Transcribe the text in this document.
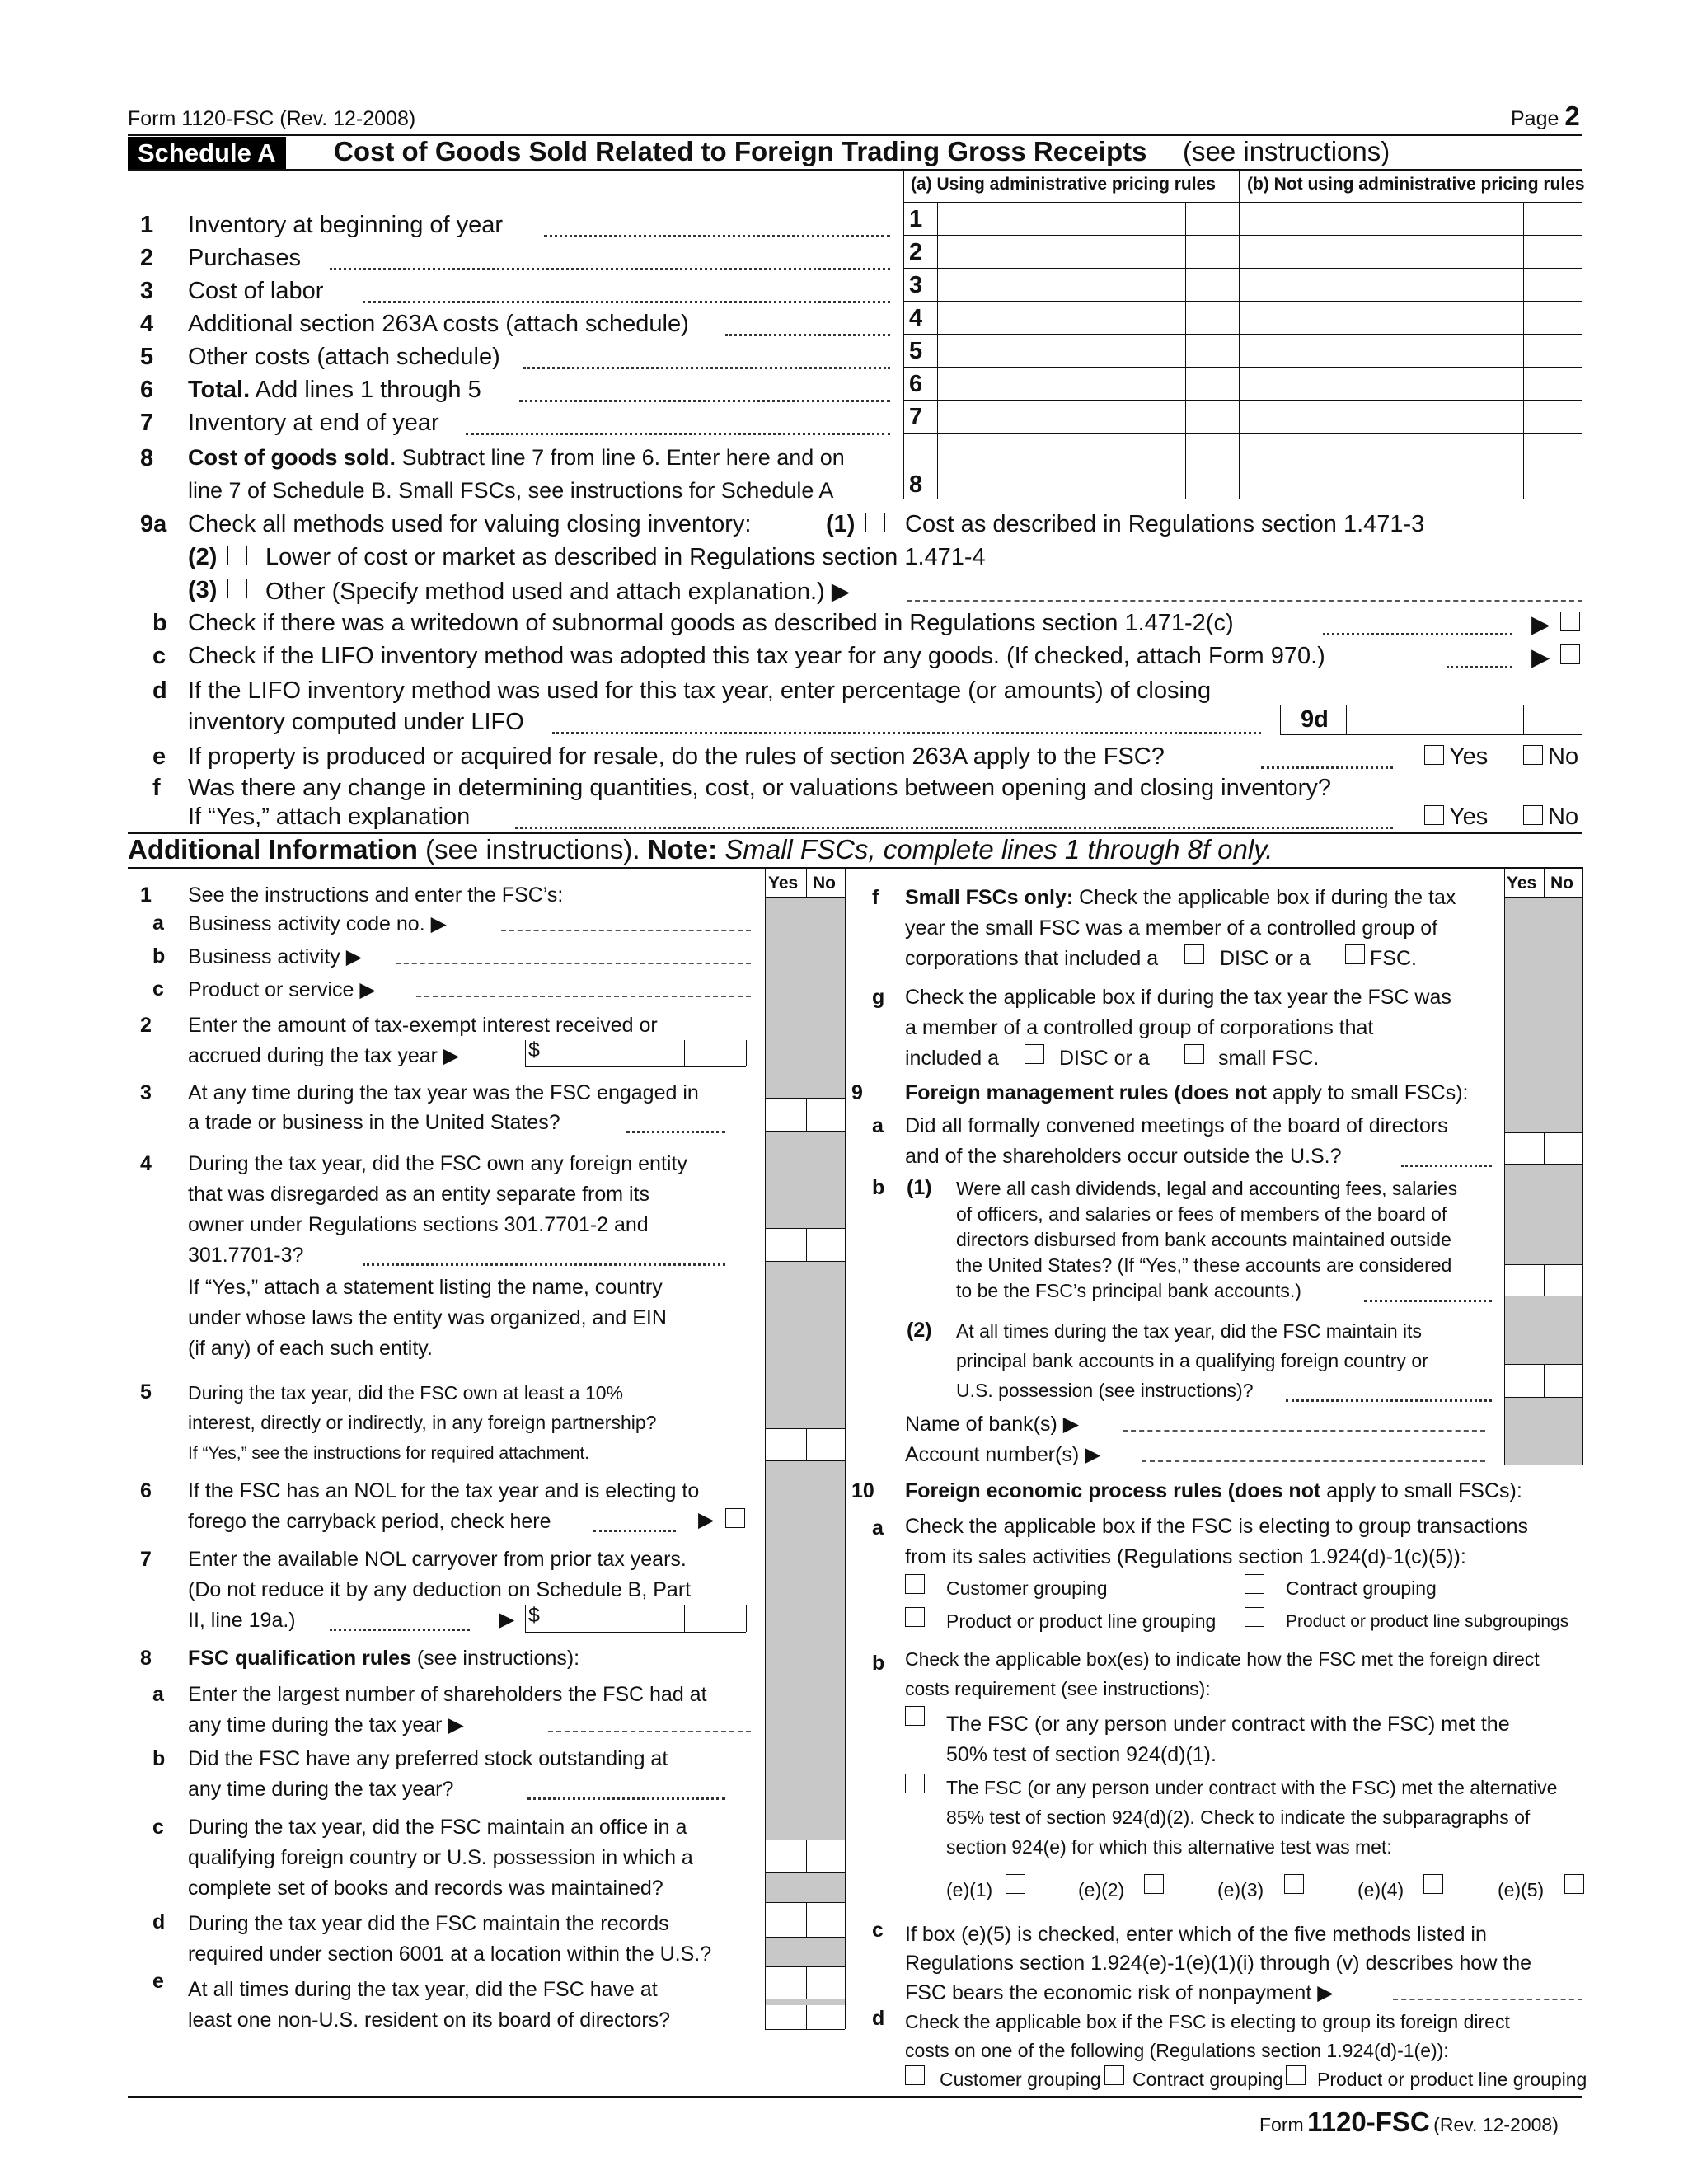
Form 1120-FSC (Rev. 12-2008)	Page 2
Schedule A	Cost of Goods Sold Related to Foreign Trading Gross Receipts (see instructions)
(a) Using administrative pricing rules (b) Not using administrative pricing rules
1
2
3
4
5
6
7
8
1 Inventory at beginning of year
2 Purchases
3 Cost of labor
4 Additional section 263A costs (attach schedule)
5 Other costs (attach schedule)
6 Total. Add lines 1 through 5
7 Inventory at end of year
8 Cost of goods sold. Subtract line 7 from line 6. Enter here and on
line 7 of Schedule B. Small FSCs, see instructions for Schedule A
9a Check all methods used for valuing closing inventory:	(1) Cost as described in Regulations section 1.471-3
(2) Lower of cost or market as described in Regulations section 1.471-4
(3) Other (Specify method used and attach explanation.) ▶
b Check if there was a writedown of subnormal goods as described in Regulations section 1.471-2(c)	▶
c Check if the LIFO inventory method was adopted this tax year for any goods. (If checked, attach Form 970.)	▶
d If the LIFO inventory method was used for this tax year, enter percentage (or amounts) of closing
inventory computed under LIFO	9d
e If property is produced or acquired for resale, do the rules of section 263A apply to the FSC?	Yes	No
f Was there any change in determining quantities, cost, or valuations between opening and closing inventory?
If “Yes,” attach explanation	Yes	No
Additional Information (see instructions). Note: Small FSCs, complete lines 1 through 8f only.
Yes No	Yes No
1 See the instructions and enter the FSC’s:
a Business activity code no. ▶
b Business activity ▶
c Product or service ▶
2 Enter the amount of tax-exempt interest received or
accrued during the tax year ▶	$
3 At any time during the tax year was the FSC engaged in
a trade or business in the United States?
4 During the tax year, did the FSC own any foreign entity
that was disregarded as an entity separate from its
owner under Regulations sections 301.7701-2 and
301.7701-3?
If “Yes,” attach a statement listing the name, country
under whose laws the entity was organized, and EIN
(if any) of each such entity.
5 During the tax year, did the FSC own at least a 10%
interest, directly or indirectly, in any foreign partnership?
If “Yes,” see the instructions for required attachment.
6 If the FSC has an NOL for the tax year and is electing to
forego the carryback period, check here	▶
7 Enter the available NOL carryover from prior tax years.
(Do not reduce it by any deduction on Schedule B, Part
II, line 19a.)	▶ $
8 FSC qualification rules (see instructions):
a Enter the largest number of shareholders the FSC had at
any time during the tax year ▶
b Did the FSC have any preferred stock outstanding at
any time during the tax year?
c During the tax year, did the FSC maintain an office in a
qualifying foreign country or U.S. possession in which a
complete set of books and records was maintained?
d During the tax year did the FSC maintain the records
required under section 6001 at a location within the U.S.?
e At all times during the tax year, did the FSC have at
least one non-U.S. resident on its board of directors?
f Small FSCs only: Check the applicable box if during the tax
year the small FSC was a member of a controlled group of
corporations that included a	DISC or a	FSC.
g Check the applicable box if during the tax year the FSC was
a member of a controlled group of corporations that
included a	DISC or a	small FSC.
9 Foreign management rules (does not apply to small FSCs):
a Did all formally convened meetings of the board of directors
and of the shareholders occur outside the U.S.?
b (1) Were all cash dividends, legal and accounting fees, salaries
of officers, and salaries or fees of members of the board of
directors disbursed from bank accounts maintained outside
the United States? (If “Yes,” these accounts are considered
to be the FSC’s principal bank accounts.)
(2) At all times during the tax year, did the FSC maintain its
principal bank accounts in a qualifying foreign country or
U.S. possession (see instructions)?
Name of bank(s) ▶
Account number(s) ▶
10 Foreign economic process rules (does not apply to small FSCs):
a Check the applicable box if the FSC is electing to group transactions
from its sales activities (Regulations section 1.924(d)-1(c)(5)):
Customer grouping	Contract grouping
Product or product line grouping	Product or product line subgroupings
b Check the applicable box(es) to indicate how the FSC met the foreign direct
costs requirement (see instructions):
The FSC (or any person under contract with the FSC) met the
50% test of section 924(d)(1).
The FSC (or any person under contract with the FSC) met the alternative
85% test of section 924(d)(2). Check to indicate the subparagraphs of
section 924(e) for which this alternative test was met:
(e)(1)	(e)(2)	(e)(3)	(e)(4)	(e)(5)
c If box (e)(5) is checked, enter which of the five methods listed in
Regulations section 1.924(e)-1(e)(1)(i) through (v) describes how the
FSC bears the economic risk of nonpayment ▶
d Check the applicable box if the FSC is electing to group its foreign direct
costs on one of the following (Regulations section 1.924(d)-1(e)):
Customer grouping Contract grouping Product or product line grouping
Form 1120-FSC (Rev. 12-2008)
